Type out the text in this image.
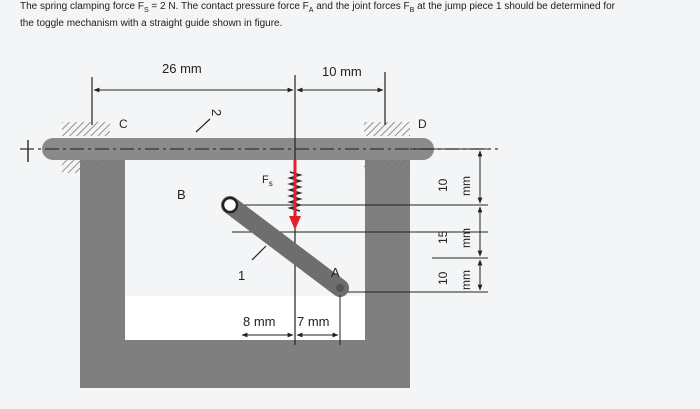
The spring clamping force $F_S = 2$ N. The contact pressure force $F_A$ and the joint forces $F_B$ at the jump piece 1 should be determined for
the toggle mechanism with a straight guide shown in figure.
26 mm	10 mm
C	D
B
A
1
2
$F_s$
8 mm 7 mm
10 mm
15 mm
10 mm
